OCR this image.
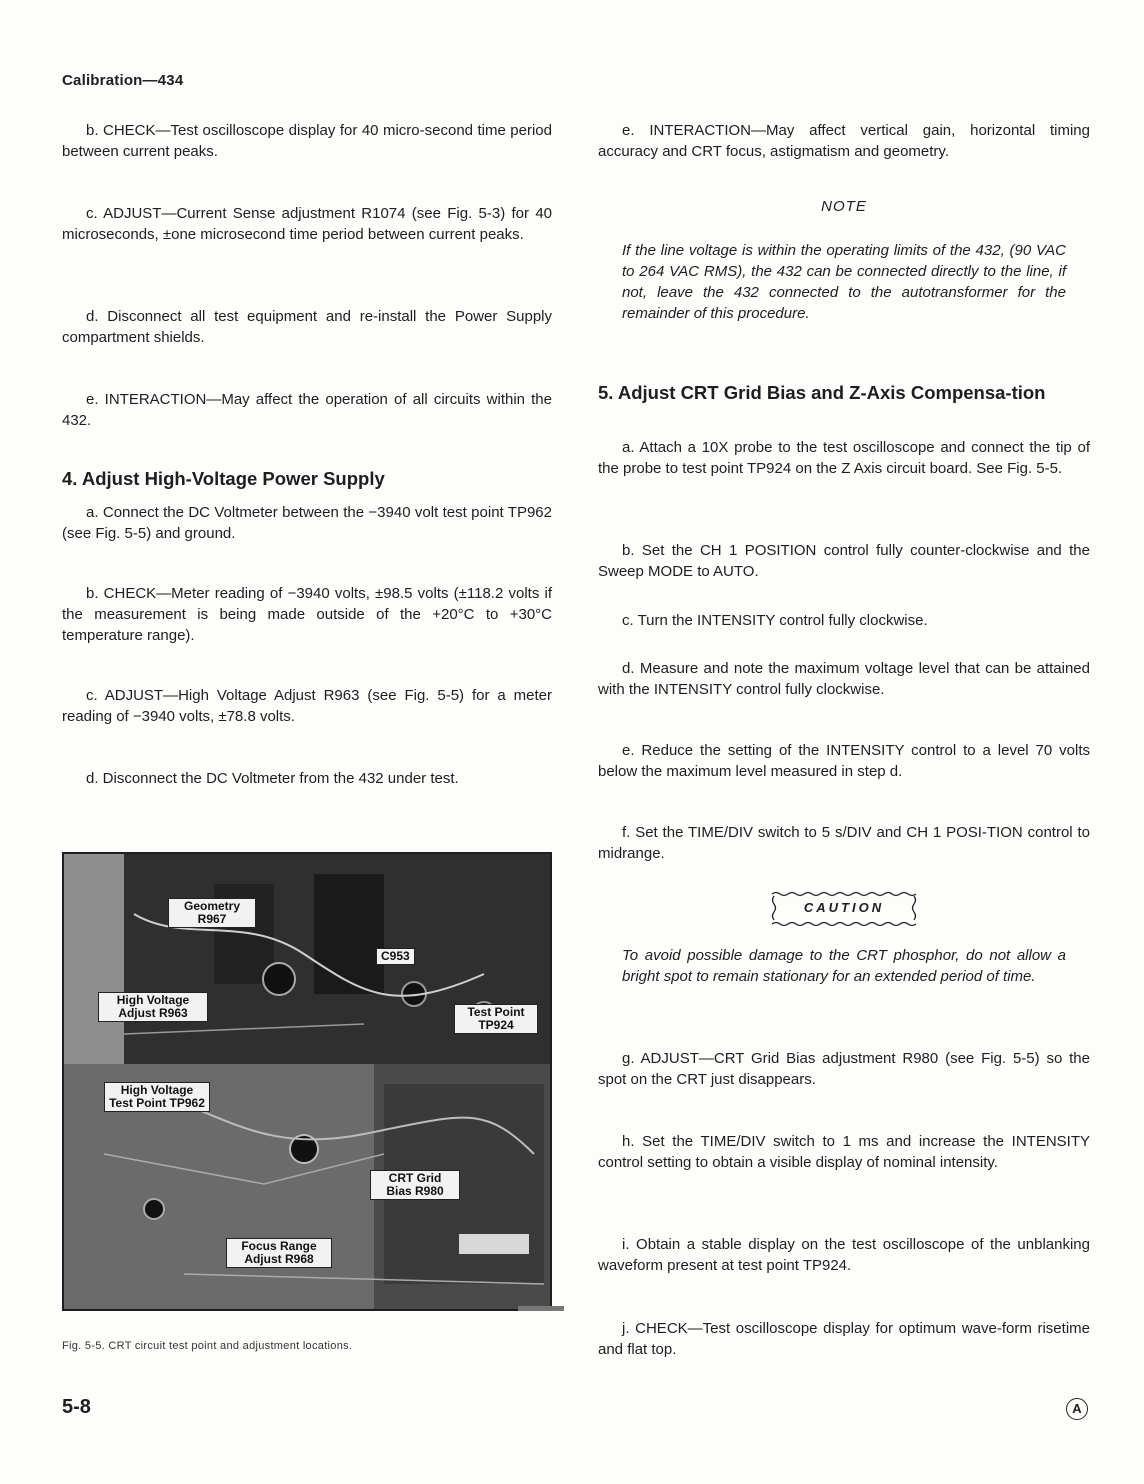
Calibration—434

b. CHECK—Test oscilloscope display for 40 micro-second time period between current peaks.

c. ADJUST—Current Sense adjustment R1074 (see Fig. 5-3) for 40 microseconds, ±one microsecond time period between current peaks.

d. Disconnect all test equipment and re-install the Power Supply compartment shields.

e. INTERACTION—May affect the operation of all circuits within the 432.

4. Adjust High-Voltage Power Supply

a. Connect the DC Voltmeter between the −3940 volt test point TP962 (see Fig. 5-5) and ground.

b. CHECK—Meter reading of −3940 volts, ±98.5 volts (±118.2 volts if the measurement is being made outside of the +20°C to +30°C temperature range).

c. ADJUST—High Voltage Adjust R963 (see Fig. 5-5) for a meter reading of −3940 volts, ±78.8 volts.

d. Disconnect the DC Voltmeter from the 432 under test.

Geometry R967
C953
High Voltage Adjust R963	Test Point TP924
High Voltage Test Point TP962
CRT Grid Bias R980
Focus Range Adjust R968
Fig. 5-5. CRT circuit test point and adjustment locations.

e. INTERACTION—May affect vertical gain, horizontal timing accuracy and CRT focus, astigmatism and geometry.

NOTE

If the line voltage is within the operating limits of the 432, (90 VAC to 264 VAC RMS), the 432 can be connected directly to the line, if not, leave the 432 connected to the autotransformer for the remainder of this procedure.

5. Adjust CRT Grid Bias and Z-Axis Compensa-tion

a. Attach a 10X probe to the test oscilloscope and connect the tip of the probe to test point TP924 on the Z Axis circuit board. See Fig. 5-5.

b. Set the CH 1 POSITION control fully counter-clockwise and the Sweep MODE to AUTO.

c. Turn the INTENSITY control fully clockwise.

d. Measure and note the maximum voltage level that can be attained with the INTENSITY control fully clockwise.

e. Reduce the setting of the INTENSITY control to a level 70 volts below the maximum level measured in step d.

f. Set the TIME/DIV switch to 5 s/DIV and CH 1 POSI-TION control to midrange.

CAUTION

To avoid possible damage to the CRT phosphor, do not allow a bright spot to remain stationary for an extended period of time.

g. ADJUST—CRT Grid Bias adjustment R980 (see Fig. 5-5) so the spot on the CRT just disappears.

h. Set the TIME/DIV switch to 1 ms and increase the INTENSITY control setting to obtain a visible display of nominal intensity.

i. Obtain a stable display on the test oscilloscope of the unblanking waveform present at test point TP924.

j. CHECK—Test oscilloscope display for optimum wave-form risetime and flat top.

5-8	A
